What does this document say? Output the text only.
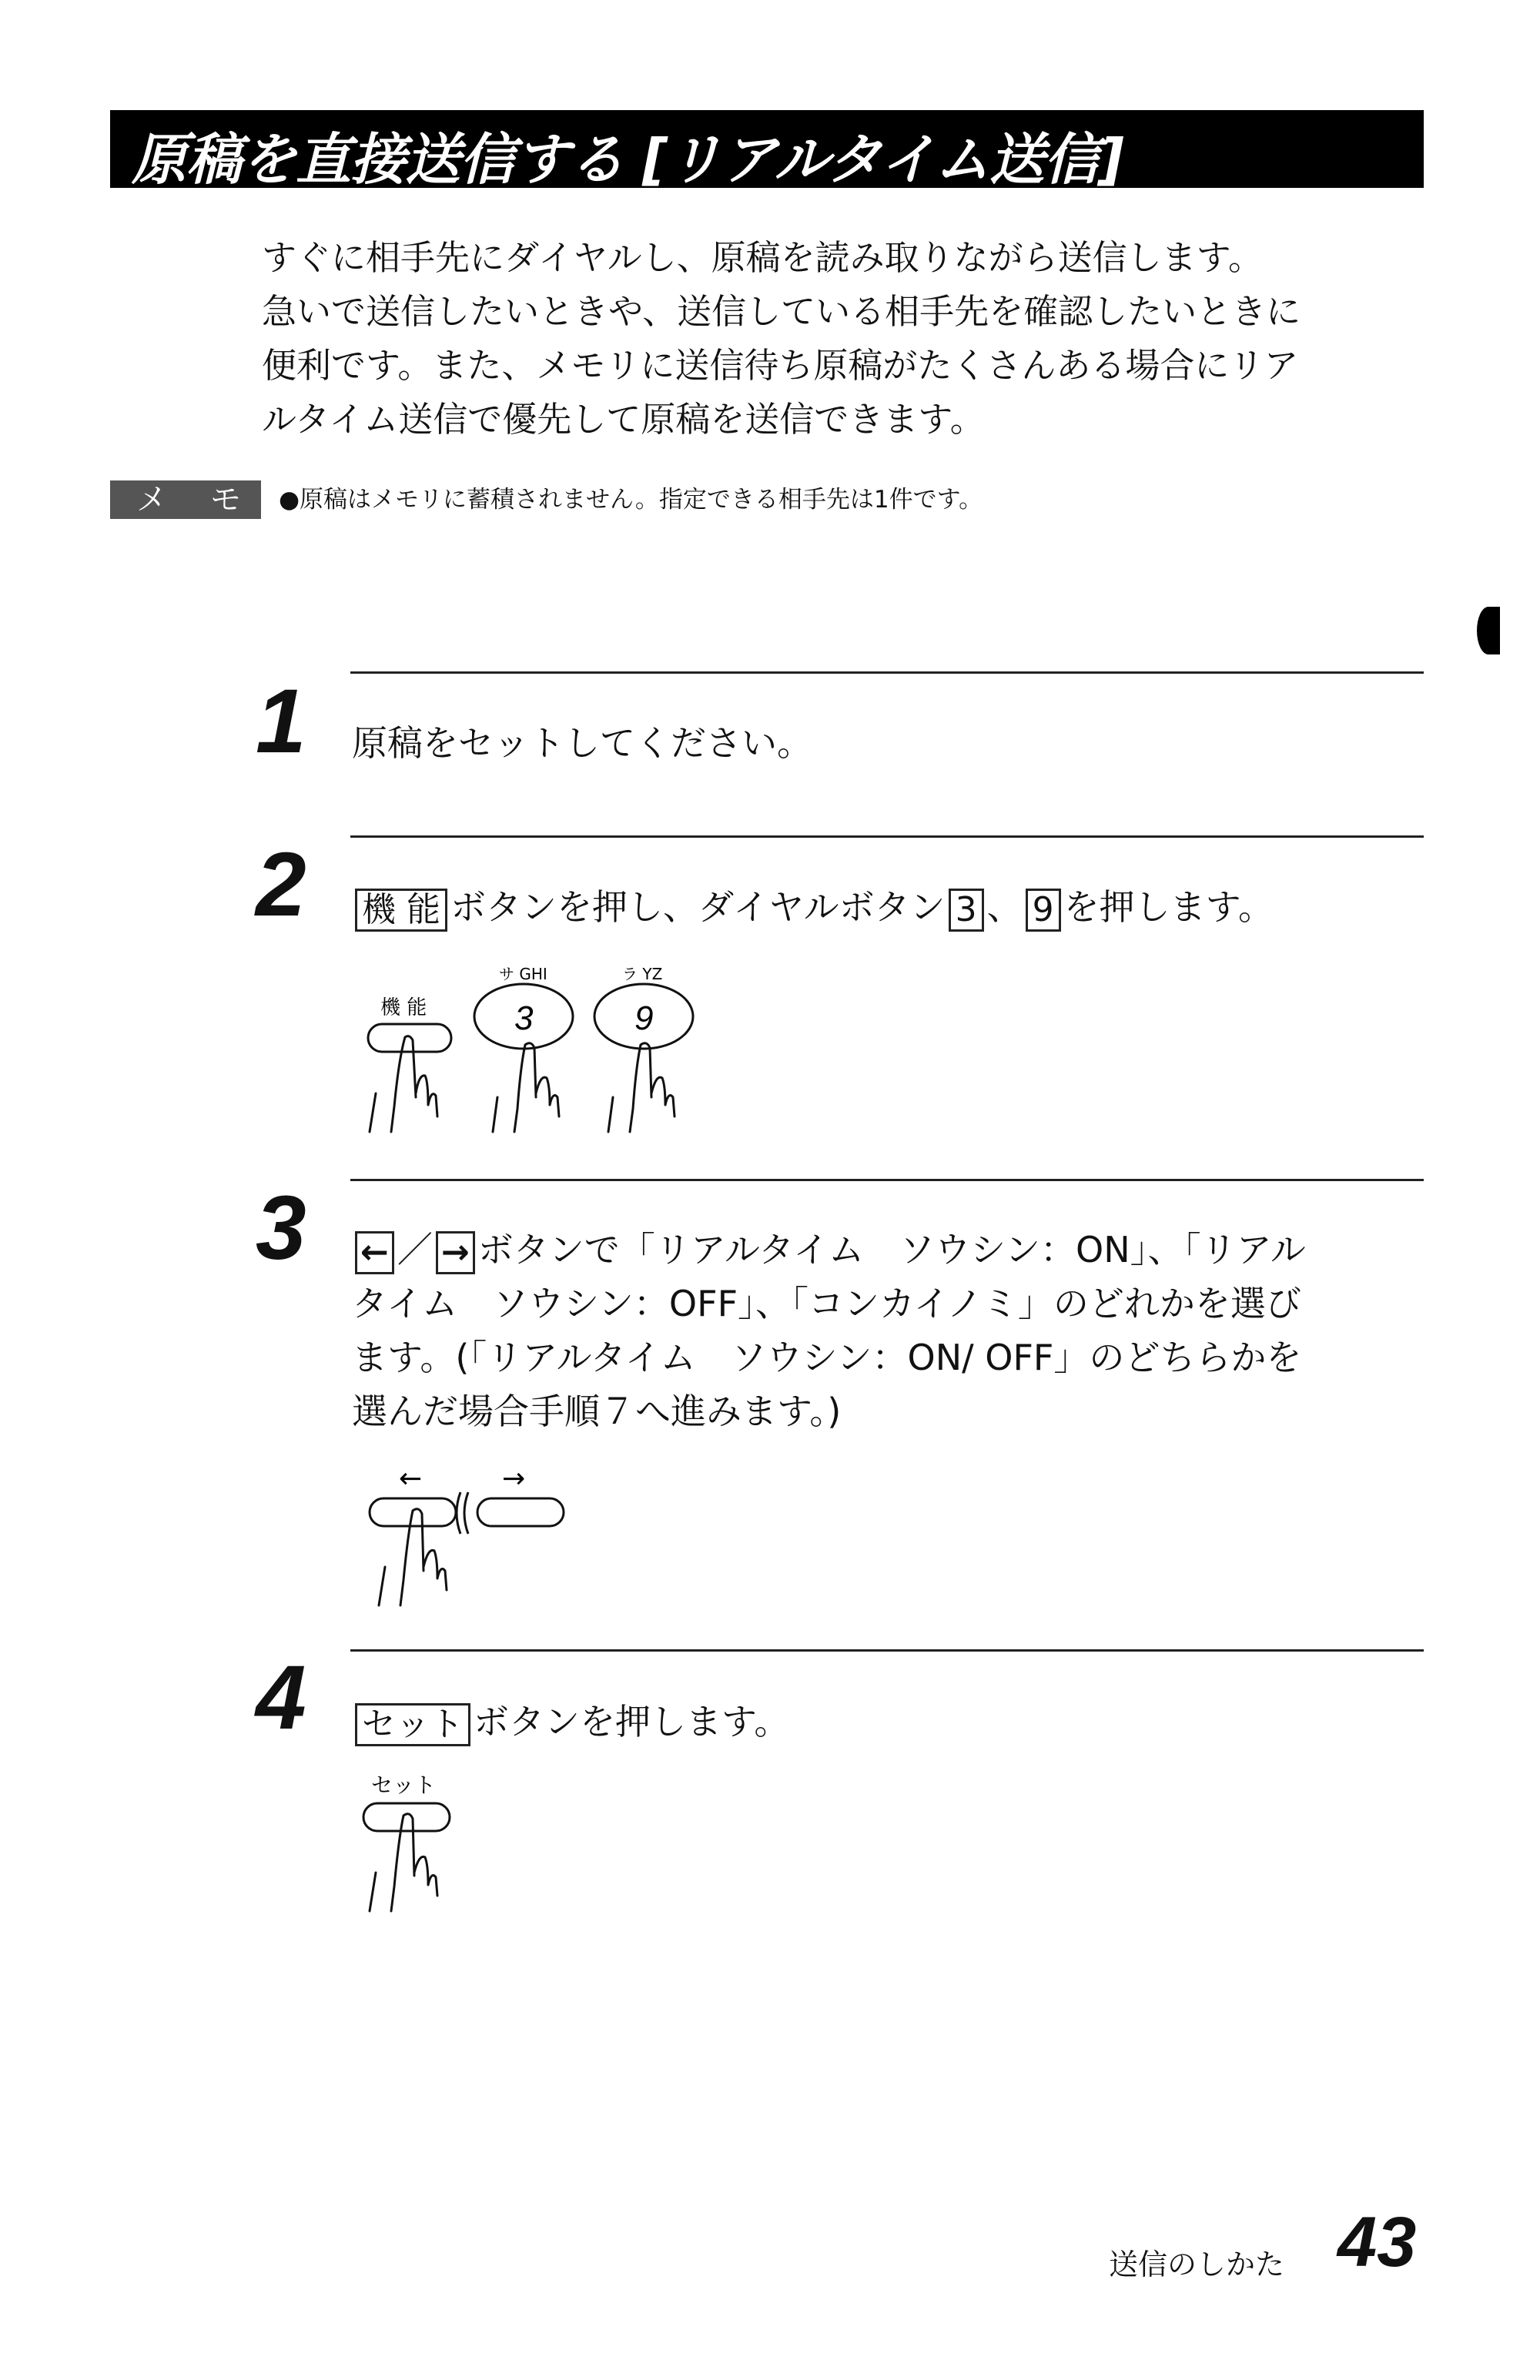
原稿を直接送信する [リアルタイム送信]

すぐに相手先にダイヤルし、原稿を読み取りながら送信します。

急いで送信したいときや、送信している相手先を確認したいときに

便利です。また、メモリに送信待ち原稿がたくさんある場合にリア

ルタイム送信で優先して原稿を送信できます。

メ モ ●原稿はメモリに蓄積されません。指定できる相手先は1件です。
1 原稿をセットしてください。

2 機 能 ボタンを押し、ダイヤルボタン 3 、 9 を押します。

機 能
サ GHI
3
ラ YZ
9
3 ← ／ → ボタンで「リアルタイム　ソウシン：ON」、「リアル

タイム　ソウシン：OFF」、「コンカイノミ」のどれかを選び

ます。(「リアルタイム　ソウシン：ON/ OFF」のどちらかを

選んだ場合手順７へ進みます。)

←	→
4 セット ボタンを押します。

セット
送信のしかた 43
